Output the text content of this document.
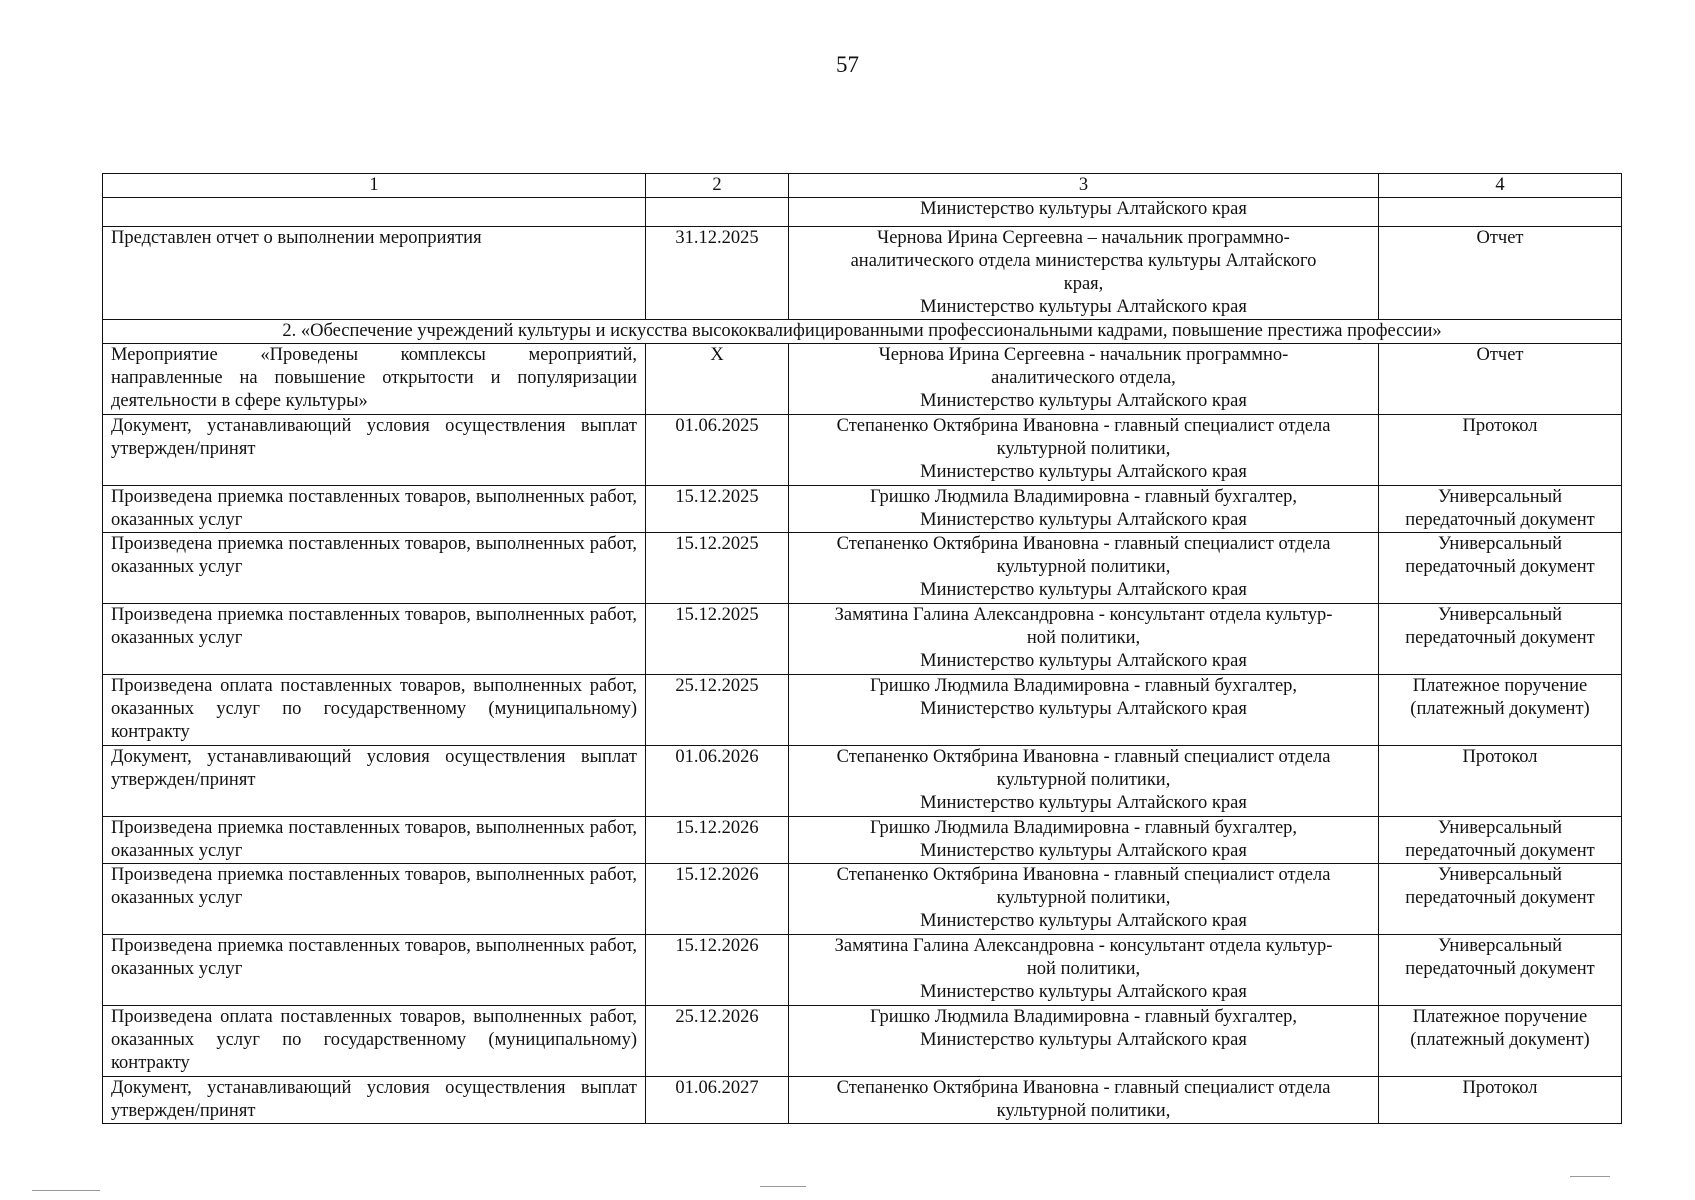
57
1	2	3	4

		Министерство культуры Алтайского края	

Представлен отчет о выполнении мероприятия	31.12.2025	Чернова Ирина Сергеевна – начальник программно-
аналитического отдела министерства культуры Алтайского
края,
Министерство культуры Алтайского края	Отчет
2. «Обеспечение учреждений культуры и искусства высококвалифицированными профессиональными кадрами, повышение престижа профессии»			
Мероприятие «Проведены комплексы мероприятий, направленные на повышение открытости и популяризации деятельности в сфере культуры»	Х	Чернова Ирина Сергеевна - начальник программно-
аналитического отдела,
Министерство культуры Алтайского края	Отчет
Документ, устанавливающий условия осуществления выплат утвержден/принят	01.06.2025	Степаненко Октябрина Ивановна - главный специалист отдела
культурной политики,
Министерство культуры Алтайского края	Протокол
Произведена приемка поставленных товаров, выполненных работ, оказанных услуг	15.12.2025	Гришко Людмила Владимировна - главный бухгалтер,
Министерство культуры Алтайского края	Универсальный передаточный документ
Произведена приемка поставленных товаров, выполненных работ, оказанных услуг	15.12.2025	Степаненко Октябрина Ивановна - главный специалист отдела
культурной политики,
Министерство культуры Алтайского края	Универсальный передаточный документ
Произведена приемка поставленных товаров, выполненных работ, оказанных услуг	15.12.2025	Замятина Галина Александровна - консультант отдела культур-
ной политики,
Министерство культуры Алтайского края	Универсальный передаточный документ
Произведена оплата поставленных товаров, выполненных работ, оказанных услуг по государственному (муниципальному) контракту	25.12.2025	Гришко Людмила Владимировна - главный бухгалтер,
Министерство культуры Алтайского края	Платежное поручение (платежный документ)
Документ, устанавливающий условия осуществления выплат утвержден/принят	01.06.2026	Степаненко Октябрина Ивановна - главный специалист отдела
культурной политики,
Министерство культуры Алтайского края	Протокол
Произведена приемка поставленных товаров, выполненных работ, оказанных услуг	15.12.2026	Гришко Людмила Владимировна - главный бухгалтер,
Министерство культуры Алтайского края	Универсальный передаточный документ
Произведена приемка поставленных товаров, выполненных работ, оказанных услуг	15.12.2026	Степаненко Октябрина Ивановна - главный специалист отдела
культурной политики,
Министерство культуры Алтайского края	Универсальный передаточный документ
Произведена приемка поставленных товаров, выполненных работ, оказанных услуг	15.12.2026	Замятина Галина Александровна - консультант отдела культур-
ной политики,
Министерство культуры Алтайского края	Универсальный передаточный документ
Произведена оплата поставленных товаров, выполненных работ, оказанных услуг по государственному (муниципальному) контракту	25.12.2026	Гришко Людмила Владимировна - главный бухгалтер,
Министерство культуры Алтайского края	Платежное поручение (платежный документ)
Документ, устанавливающий условия осуществления выплат утвержден/принят	01.06.2027	Степаненко Октябрина Ивановна - главный специалист отдела
культурной политики,	Протокол
